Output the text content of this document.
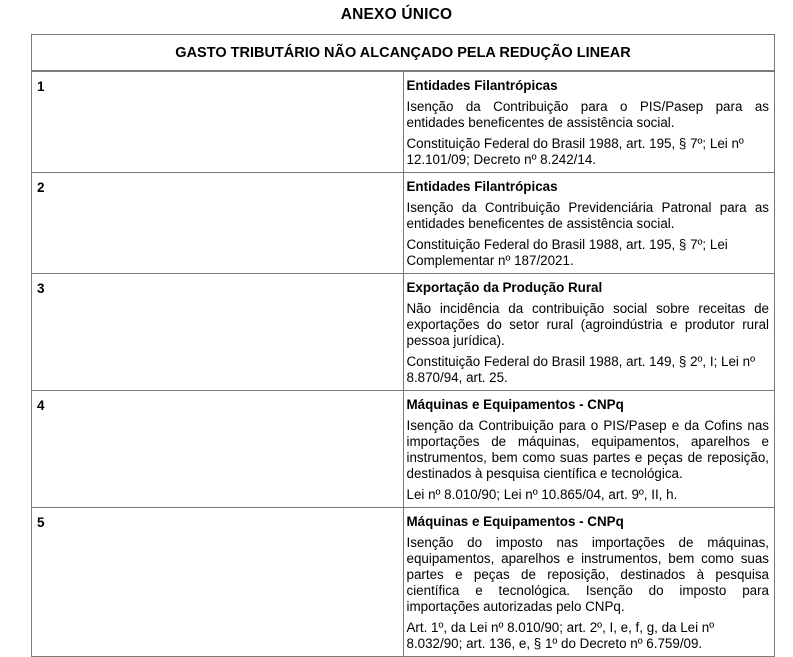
ANEXO ÚNICO
GASTO TRIBUTÁRIO NÃO ALCANÇADO PELA REDUÇÃO LINEAR	
1	Entidades Filantrópicas
Isenção da Contribuição para o PIS/Pasep para as entidades beneficentes de assistência social.
Constituição Federal do Brasil 1988, art. 195, § 7º; Lei nº 12.101/09; Decreto nº 8.242/14.

2	Entidades Filantrópicas
Isenção da Contribuição Previdenciária Patronal para as entidades beneficentes de assistência social.
Constituição Federal do Brasil 1988, art. 195, § 7º; Lei Complementar nº 187/2021.

3	Exportação da Produção Rural
Não incidência da contribuição social sobre receitas de exportações do setor rural (agroindústria e produtor rural pessoa jurídica).
Constituição Federal do Brasil 1988, art. 149, § 2º, I; Lei nº 8.870/94, art. 25.

4	Máquinas e Equipamentos - CNPq
Isenção da Contribuição para o PIS/Pasep e da Cofins nas importações de máquinas, equipamentos, aparelhos e instrumentos, bem como suas partes e peças de reposição, destinados à pesquisa científica e tecnológica.
Lei nº 8.010/90; Lei nº 10.865/04, art. 9º, II, h.

5	Máquinas e Equipamentos - CNPq
Isenção do imposto nas importações de máquinas, equipamentos, aparelhos e instrumentos, bem como suas partes e peças de reposição, destinados à pesquisa científica e tecnológica. Isenção do imposto para importações autorizadas pelo CNPq.
Art. 1º, da Lei nº 8.010/90; art. 2º, I, e, f, g, da Lei nº 8.032/90; art. 136, e, § 1º do Decreto nº 6.759/09.
